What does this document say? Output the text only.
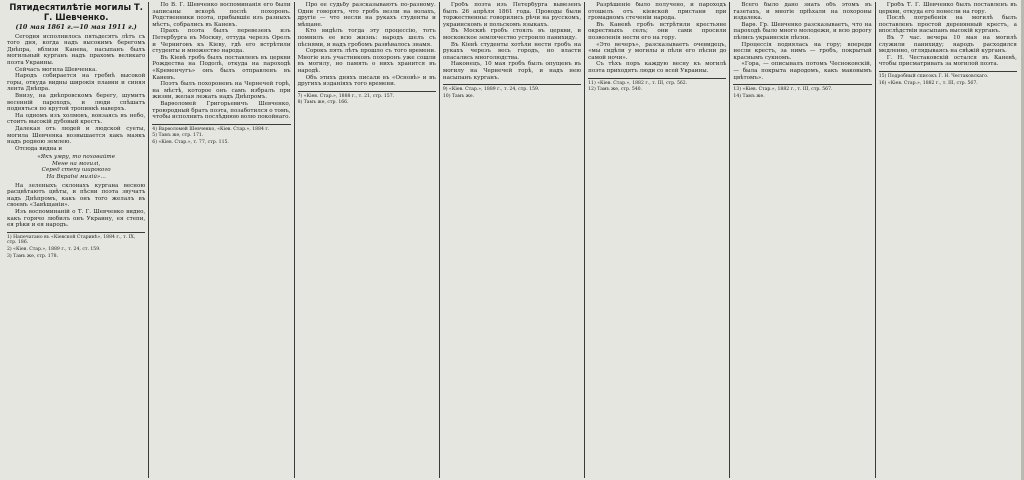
Пятидесятилѣтіе могилы Т. Г. Шевченко.
(10 мая 1861 г.—10 мая 1911 г.)

Сегодня исполнилось пятьдесятъ лѣтъ съ того дня, когда надъ высокимъ берегомъ Днѣпра, вблизи Канева, насыпанъ былъ могильный курганъ надъ прахомъ великаго поэта Украины.

Сейчасъ могила Шевченка.

Народъ собирается на гребнѣ высокой горы, откуда видны широкія плавни и синяя лента Днѣпра.

Внизу, на днѣпровскомъ берегу, шумитъ весенній пароходъ, и люди спѣшатъ подняться по крутой тропинкѣ наверхъ.

На одномъ изъ холмовъ, вонзаясь въ небо, стоитъ высокій дубовый крестъ.

Далекая отъ людей и людской суеты, могила Шевченка возвышается какъ маякъ надъ родною землею.

Отсюда видна и

«Якъ умру, то поховайте
Мене на могилі,
Серед степу широкого
На Вкраїні милій»…

На зеленыхъ склонахъ кургана весною расцвѣтаютъ цвѣты, и пѣсни поэта звучатъ надъ Днѣпромъ, какъ онъ того желалъ въ своемъ «Завѣщаніи».

Изъ воспоминаній о Т. Г. Шевченко видно, какъ горячо любилъ онъ Украину, ея степи, ея рѣки и ея народъ.

1) Напечатано въ «Кіевской Старинѣ», 1884 г., т. IX, стр. 186.
2) «Кіев. Стар.», 1889 г., т. 24, ст. 159.
3) Тамъ же, стр. 178.

По В. Г. Шевченко воспоминанія его были записаны вскорѣ послѣ похоронъ. Родственники поэта, прибывшіе изъ разныхъ мѣстъ, собрались въ Каневъ.

Прахъ поэта былъ перевезенъ изъ Петербурга въ Москву, оттуда черезъ Орелъ и Черниговъ къ Кіеву, гдѣ его встрѣтили студенты и множество народа.

Въ Кіевѣ гробъ былъ поставленъ въ церкви Рождества на Подолѣ, откуда на пароходѣ «Кременчугъ» онъ былъ отправленъ въ Каневъ.

Поэтъ былъ похороненъ на Чернечей горѣ, на мѣстѣ, которое онъ самъ избралъ при жизни, желая лежать надъ Днѣпромъ.

Варѳоломей Григорьевичъ Шевченко, троюродный братъ поэта, позаботился о томъ, чтобы исполнить послѣднюю волю покойнаго.

4) Варѳоломей Шевченко, «Кіев. Стар.», 1884 г.
5) Тамъ же, стр. 171.
6) «Кіев. Стар.», т. 77, стр. 115.

Про ее судьбу разсказываютъ по-разному. Одни говорятъ, что гробъ везли на волахъ, другіе — что несли на рукахъ студенты и мѣщане.

Кто видѣлъ тогда эту процессію, тотъ помнилъ ее всю жизнь: народъ шелъ съ пѣснями, и надъ гробомъ развѣвалось знамя.

Сорокъ пять лѣтъ прошло съ того времени. Многіе изъ участниковъ похоронъ уже сошли въ могилу, но память о нихъ хранится въ народѣ.

Объ этихъ дняхъ писали въ «Основѣ» и въ другихъ изданіяхъ того времени.

7) «Кіев. Стар.», 1888 г., т. 21, стр. 157.
8) Тамъ же, стр. 166.

Гробъ поэта изъ Петербурга вывезенъ былъ 26 апрѣля 1861 года. Проводы были торжественны: говорились рѣчи на русскомъ, украинскомъ и польскомъ языкахъ.

Въ Москвѣ гробъ стоялъ въ церкви, и московское землячество устроило панихиду.

Въ Кіевѣ студенты хотѣли нести гробъ на рукахъ черезъ весь городъ, но власти опасались многолюдства.

Наконецъ, 10 мая гробъ былъ опущенъ въ могилу на Чернечей горѣ, и надъ нею насыпанъ курганъ.

9) «Кіев. Стар.», 1889 г., т. 24, стр. 159.
10) Тамъ же.

Разрѣшеніе было получено, и пароходъ отошелъ отъ кіевской пристани при громадномъ стеченіи народа.

Въ Каневѣ гробъ встрѣтили крестьяне окрестныхъ селъ; они сами просили позволенія нести его на гору.

«Это вечеръ», разсказываетъ очевидецъ, «мы сидѣли у могилы и пѣли его пѣсни до самой ночи».

Съ тѣхъ поръ каждую весну къ могилѣ поэта приходятъ люди со всей Украины.

11) «Кіев. Стар.», 1882 г., т. III, стр. 562.
12) Тамъ же, стр. 540.

Всего было дано знать объ этомъ въ газетахъ, и многіе пріѣхали на похороны издалека.

Варѳ. Гр. Шевченко разсказываетъ, что на пароходѣ было много молодежи, и всю дорогу пѣлись украинскія пѣсни.

Процессія поднялась на гору; впереди несли крестъ, за нимъ — гробъ, покрытый краснымъ сукномъ.

«Гора, — описывалъ потомъ Чесноковскій, — была покрыта народомъ, какъ маковымъ цвѣтомъ».

13) «Кіев. Стар.», 1882 г., т. III, стр. 567.
14) Тамъ же.

Гробъ Т. Г. Шевченко былъ поставленъ въ церкви, откуда его понесли на гору.

Послѣ погребенія на могилѣ былъ поставленъ простой деревянный крестъ, а впослѣдствіи насыпанъ высокій курганъ.

Въ 7 час. вечера 10 мая на могилѣ служили панихиду; народъ расходился медленно, оглядываясь на свѣжій курганъ.

Г. Н. Честаковскій остался въ Каневѣ, чтобы присматривать за могилой поэта.

15) Подробный списокъ Г. Н. Честаковскаго.
16) «Кіев. Стар.», 1882 г., т. III, стр. 567.
